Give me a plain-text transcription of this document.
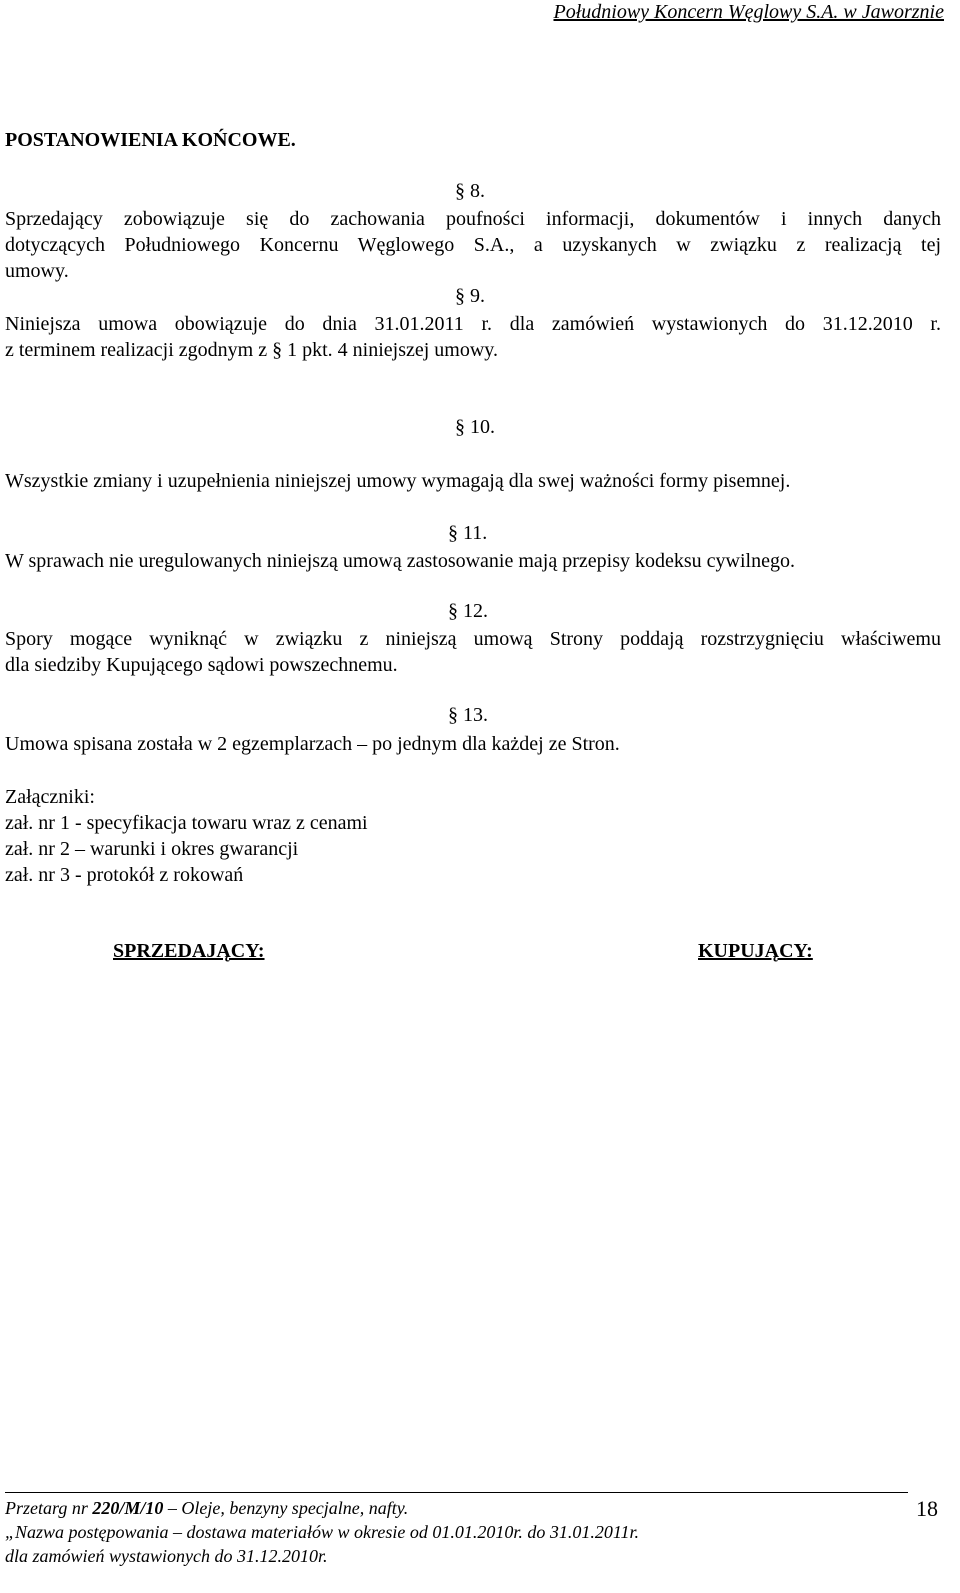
Południowy Koncern Węglowy S.A. w Jaworznie
POSTANOWIENIA KOŃCOWE.
§ 8.
Sprzedający zobowiązuje się do zachowania poufności informacji, dokumentów i innych danych
dotyczących Południowego Koncernu Węglowego S.A., a uzyskanych w związku z realizacją tej
umowy.
§ 9.
Niniejsza umowa obowiązuje do dnia 31.01.2011 r. dla zamówień wystawionych do 31.12.2010 r.
z terminem realizacji zgodnym z § 1 pkt. 4 niniejszej umowy.
§ 10.
Wszystkie zmiany i uzupełnienia niniejszej umowy wymagają dla swej ważności formy pisemnej.
§ 11.
W sprawach nie uregulowanych niniejszą umową zastosowanie mają przepisy kodeksu cywilnego.
§ 12.
Spory mogące wyniknąć w związku z niniejszą umową Strony poddają rozstrzygnięciu właściwemu
dla siedziby Kupującego sądowi powszechnemu.
§ 13.
Umowa spisana została w 2 egzemplarzach – po jednym dla każdej ze Stron.
Załączniki:
zał. nr 1 - specyfikacja towaru wraz z cenami
zał. nr 2 – warunki i okres gwarancji
zał. nr 3 - protokół z rokowań
SPRZEDAJĄCY:	KUPUJĄCY:
Przetarg nr 220/M/10 – Oleje, benzyny specjalne, nafty.
„Nazwa postępowania – dostawa materiałów w okresie od 01.01.2010r. do 31.01.2011r.
dla zamówień wystawionych do 31.12.2010r.
18
